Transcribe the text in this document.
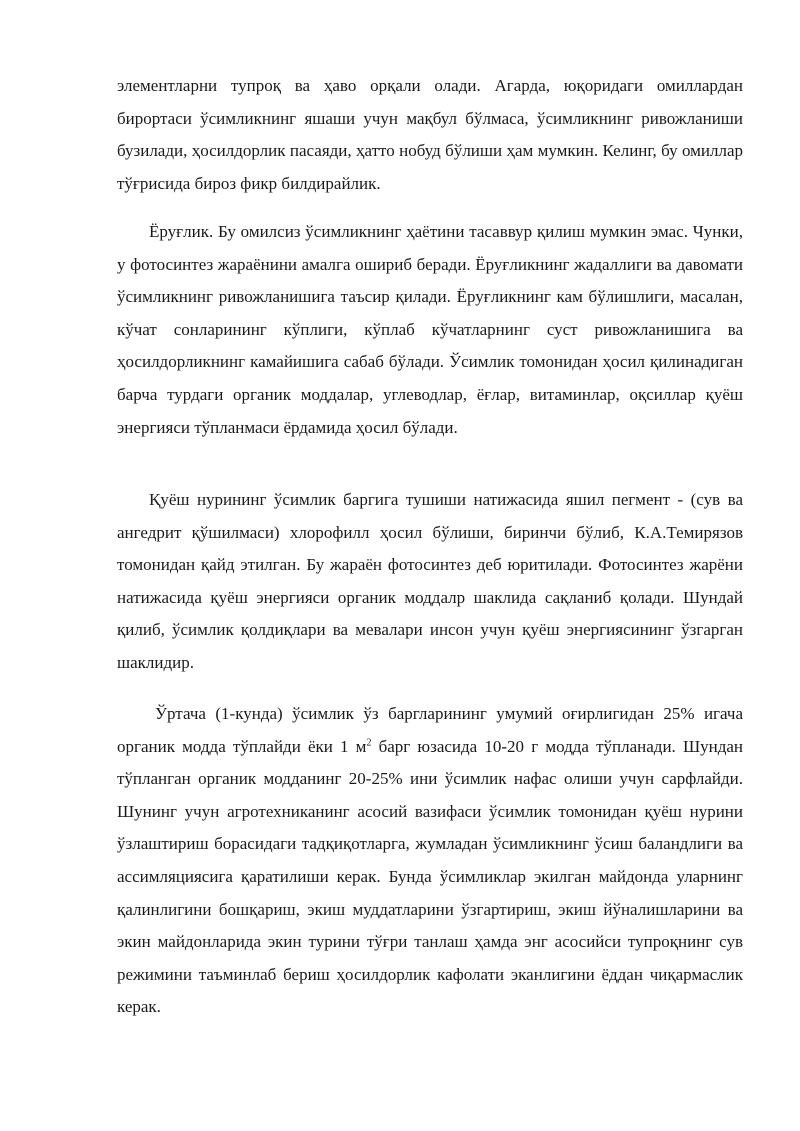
элементларни тупроқ ва ҳаво орқали олади. Агарда, юқоридаги омиллардан бирортаси ўсимликнинг яшаши учун мақбул бўлмаса, ўсимликнинг ривожланиши бузилади, ҳосилдорлик пасаяди, ҳатто нобуд бўлиши ҳам мумкин. Келинг, бу омиллар тўғрисида бироз фикр билдирайлик.

Ёруғлик. Бу омилсиз ўсимликнинг ҳаётини тасаввур қилиш мумкин эмас. Чунки, у фотосинтез жараёнини амалга ошириб беради. Ёруғликнинг жадаллиги ва давомати ўсимликнинг ривожланишига таъсир қилади. Ёруғликнинг кам бўлишлиги, масалан, кўчат сонларининг кўплиги, кўплаб кўчатларнинг суст ривожланишига ва ҳосилдорликнинг камайишига сабаб бўлади. Ўсимлик томонидан ҳосил қилинадиган барча турдаги органик моддалар, углеводлар, ёғлар, витаминлар, оқсиллар қуёш энергияси тўпланмаси ёрдамида ҳосил бўлади.

Қуёш нурининг ўсимлик баргига тушиши натижасида яшил пегмент - (сув ва ангедрит қўшилмаси) хлорофилл ҳосил бўлиши, биринчи бўлиб, К.А.Темирязов томонидан қайд этилган. Бу жараён фотосинтез деб юритилади. Фотосинтез жарёни натижасида қуёш энергияси органик моддалр шаклида сақланиб қолади. Шундай қилиб, ўсимлик қолдиқлари ва мевалари инсон учун қуёш энергиясининг ўзгарган шаклидир.

Ўртача (1-кунда) ўсимлик ўз баргларининг умумий оғирлигидан 25% игача органик модда тўплайди ёки 1 $м^2$ барг юзасида 10-20 г модда тўпланади. Шундан тўпланган органик модданинг 20-25% ини ўсимлик нафас олиши учун сарфлайди. Шунинг учун агротехниканинг асосий вазифаси ўсимлик томонидан қуёш нурини ўзлаштириш борасидаги тадқиқотларга, жумладан ўсимликнинг ўсиш баландлиги ва ассимляциясига қаратилиши керак. Бунда ўсимликлар экилган майдонда уларнинг қалинлигини бошқариш, экиш муддатларини ўзгартириш, экиш йўналишларини ва экин майдонларида экин турини тўғри танлаш ҳамда энг асосийси тупроқнинг сув режимини таъминлаб бериш ҳосилдорлик кафолати эканлигини ёддан чиқармаслик керак.
